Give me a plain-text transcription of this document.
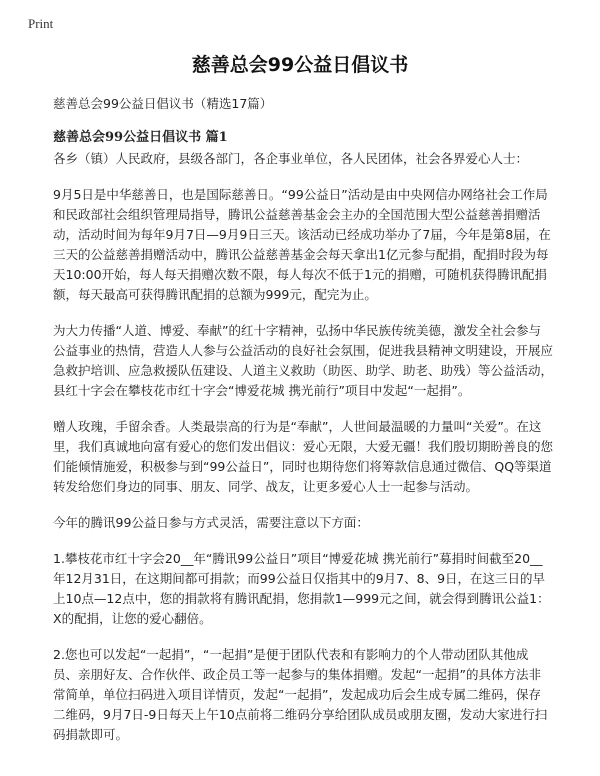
Print
慈善总会99公益日倡议书
慈善总会99公益日倡议书（精选17篇）
慈善总会99公益日倡议书 篇1

各乡（镇）人民政府，县级各部门，各企事业单位，各人民团体，社会各界爱心人士：

9月5日是中华慈善日，也是国际慈善日。“99公益日”活动是由中央网信办网络社会工作局和民政部社会组织管理局指导，腾讯公益慈善基金会主办的全国范围大型公益慈善捐赠活动，活动时间为每年9月7日—9月9日三天。该活动已经成功举办了7届，今年是第8届，在三天的公益慈善捐赠活动中，腾讯公益慈善基金会每天拿出1亿元参与配捐，配捐时段为每天10:00开始，每人每天捐赠次数不限，每人每次不低于1元的捐赠，可随机获得腾讯配捐额，每天最高可获得腾讯配捐的总额为999元，配完为止。

为大力传播“人道、博爱、奉献”的红十字精神，弘扬中华民族传统美德，激发全社会参与公益事业的热情，营造人人参与公益活动的良好社会氛围，促进我县精神文明建设，开展应急救护培训、应急救援队伍建设、人道主义救助（助医、助学、助老、助残）等公益活动，县红十字会在攀枝花市红十字会“博爱花城 携光前行”项目中发起“一起捐”。

赠人玫瑰，手留余香。人类最崇高的行为是“奉献”，人世间最温暖的力量叫“关爱”。在这里，我们真诚地向富有爱心的您们发出倡议：爱心无限，大爱无疆！我们殷切期盼善良的您们能倾情施爱，积极参与到“99公益日”，同时也期待您们将筹款信息通过微信、QQ等渠道转发给您们身边的同事、朋友、同学、战友，让更多爱心人士一起参与活动。

今年的腾讯99公益日参与方式灵活，需要注意以下方面：

1.攀枝花市红十字会20__年“腾讯99公益日”项目“博爱花城 携光前行”募捐时间截至20__年12月31日，在这期间都可捐款；而99公益日仅指其中的9月7、8、9日，在这三日的早上10点—12点中，您的捐款将有腾讯配捐，您捐款1—999元之间，就会得到腾讯公益1：X的配捐，让您的爱心翻倍。

2.您也可以发起“一起捐”，“一起捐”是便于团队代表和有影响力的个人带动团队其他成员、亲朋好友、合作伙伴、政企员工等一起参与的集体捐赠。发起“一起捐”的具体方法非常简单，单位扫码进入项目详情页，发起“一起捐”，发起成功后会生成专属二维码，保存二维码，9月7日-9日每天上午10点前将二维码分享给团队成员或朋友圈，发动大家进行扫码捐款即可。
